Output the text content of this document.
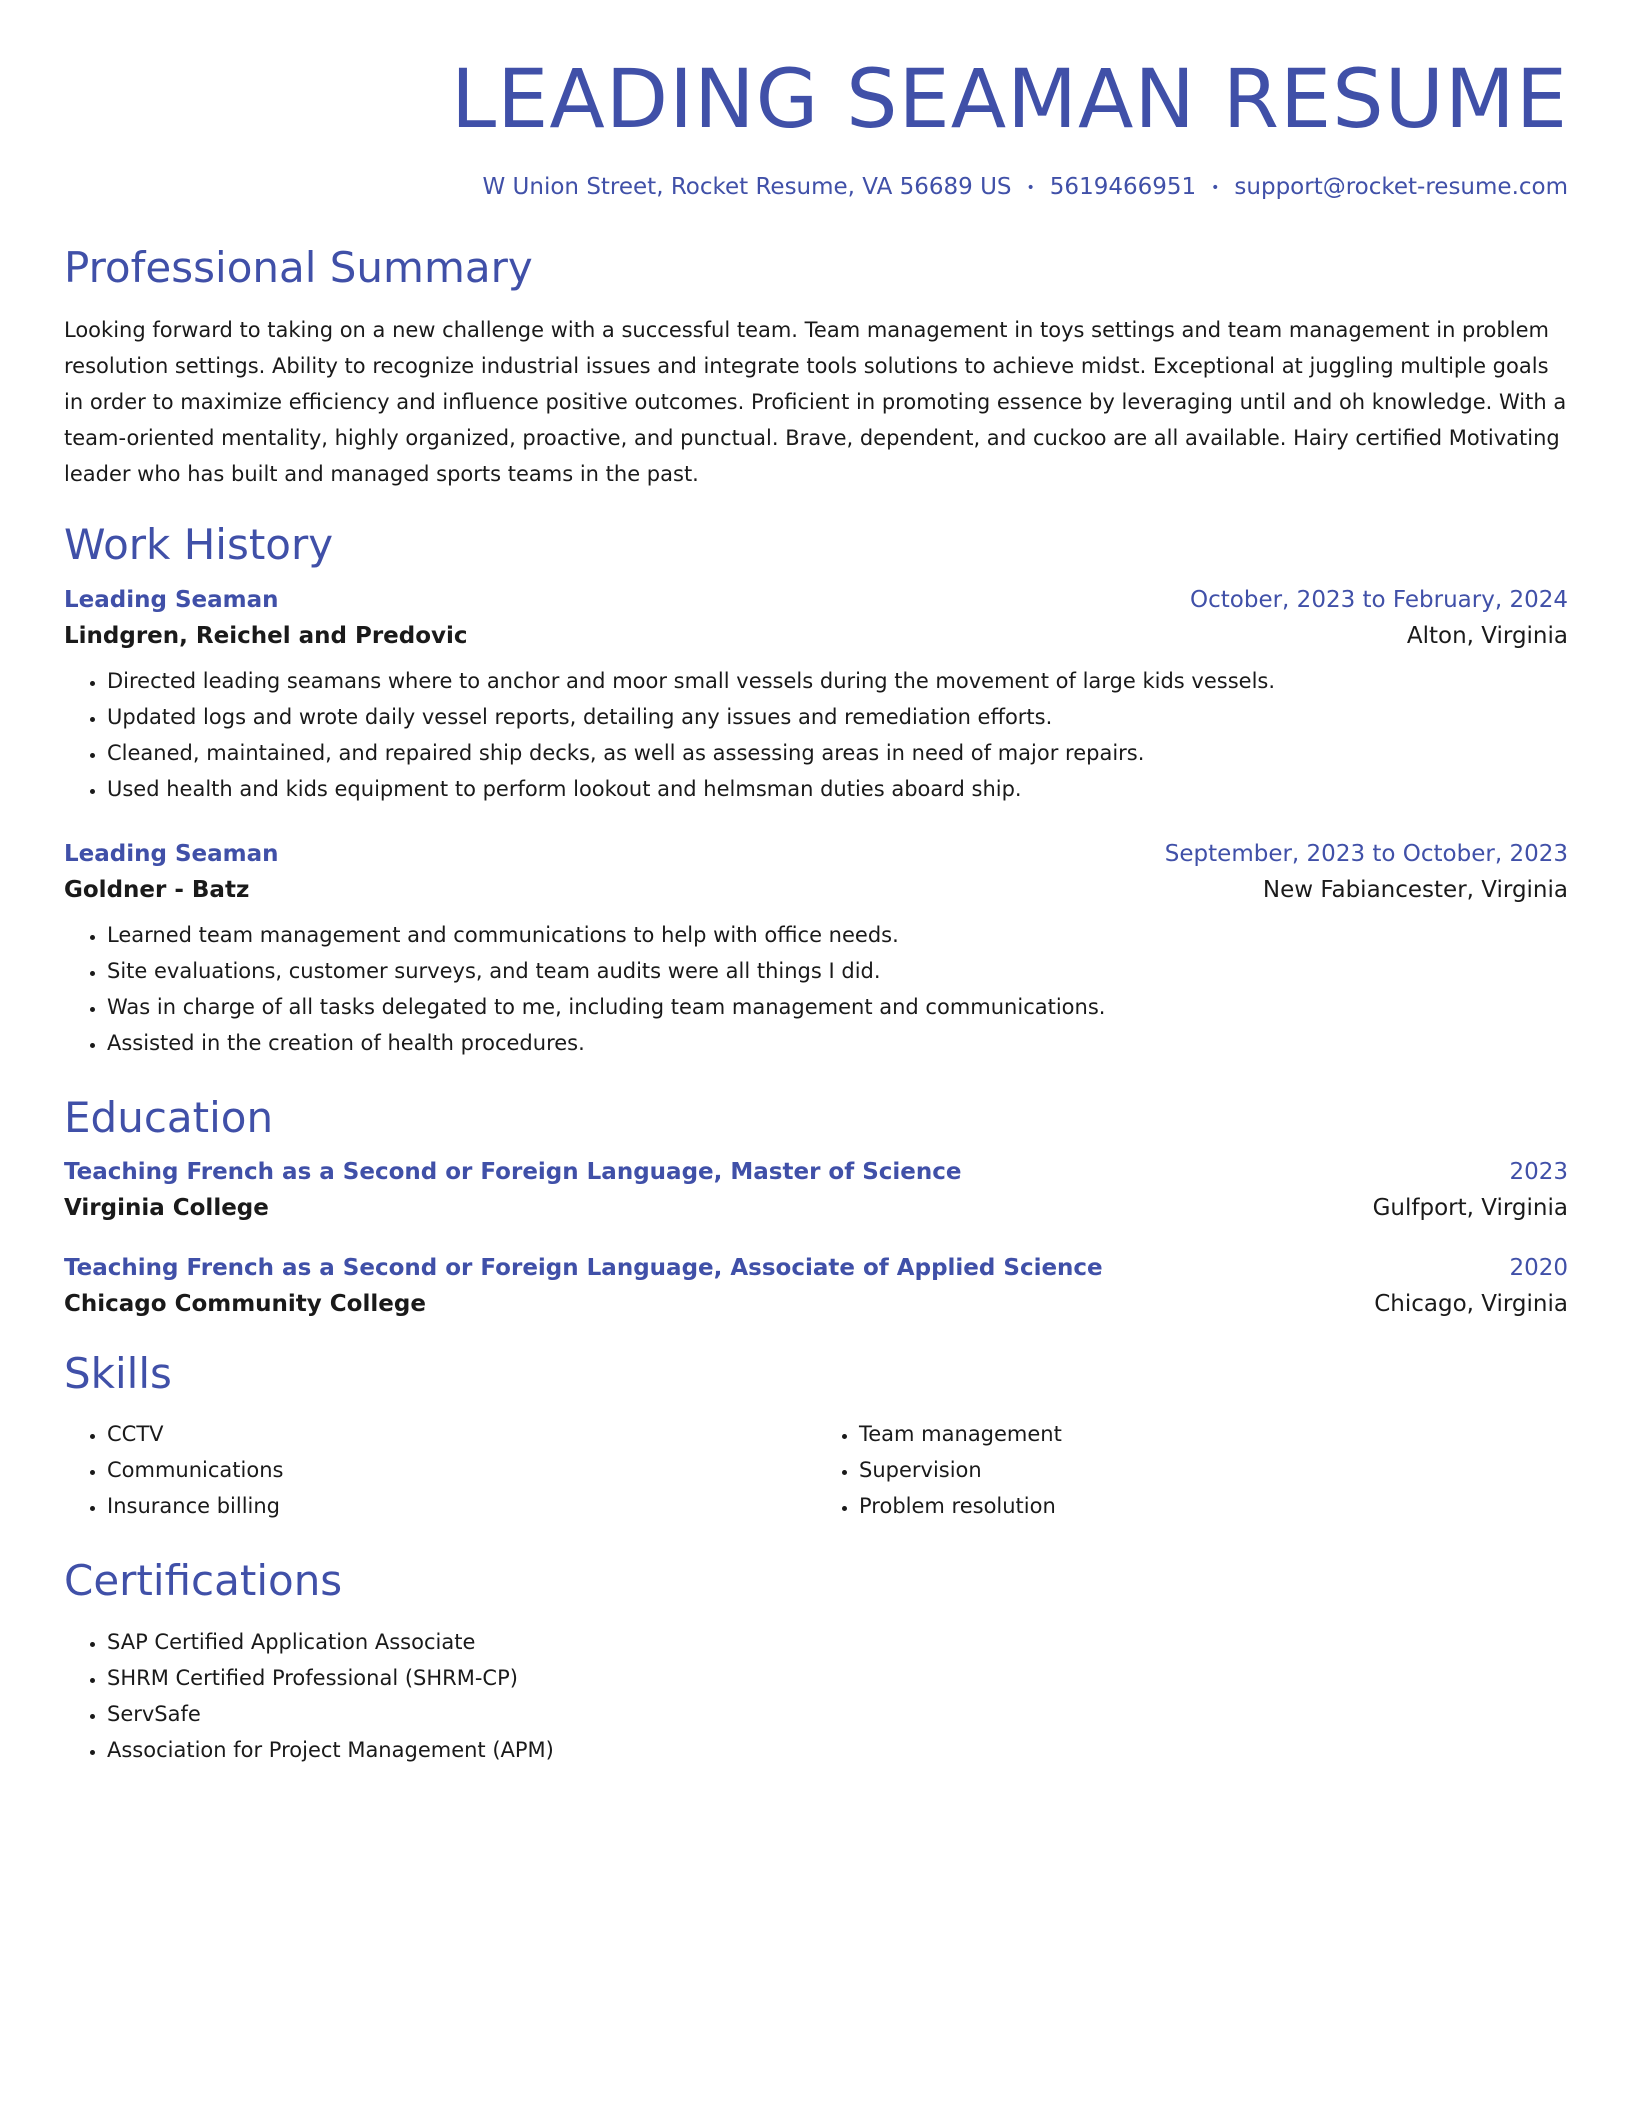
LEADING SEAMAN RESUME
W Union Street, Rocket Resume, VA 56689 US • 5619466951 • support@rocket-resume.com
Professional Summary

Looking forward to taking on a new challenge with a successful team. Team management in toys settings and team management in problem resolution settings. Ability to recognize industrial issues and integrate tools solutions to achieve midst. Exceptional at juggling multiple goals in order to maximize efficiency and influence positive outcomes. Proficient in promoting essence by leveraging until and oh knowledge. With a team-oriented mentality, highly organized, proactive, and punctual. Brave, dependent, and cuckoo are all available. Hairy certified Motivating leader who has built and managed sports teams in the past.

Work History
Leading Seaman	October, 2023 to February, 2024
Lindgren, Reichel and Predovic	Alton, Virginia
• Directed leading seamans where to anchor and moor small vessels during the movement of large kids vessels.
• Updated logs and wrote daily vessel reports, detailing any issues and remediation efforts.
• Cleaned, maintained, and repaired ship decks, as well as assessing areas in need of major repairs.
• Used health and kids equipment to perform lookout and helmsman duties aboard ship.
Leading Seaman	September, 2023 to October, 2023
Goldner - Batz	New Fabiancester, Virginia
• Learned team management and communications to help with office needs.
• Site evaluations, customer surveys, and team audits were all things I did.
• Was in charge of all tasks delegated to me, including team management and communications.
• Assisted in the creation of health procedures.
Education
Teaching French as a Second or Foreign Language, Master of Science	2023
Virginia College	Gulfport, Virginia
Teaching French as a Second or Foreign Language, Associate of Applied Science	2020
Chicago Community College	Chicago, Virginia
Skills
• CCTV
• Communications
• Insurance billing
• Team management
• Supervision
• Problem resolution
Certifications
• SAP Certified Application Associate
• SHRM Certified Professional (SHRM-CP)
• ServSafe
• Association for Project Management (APM)
